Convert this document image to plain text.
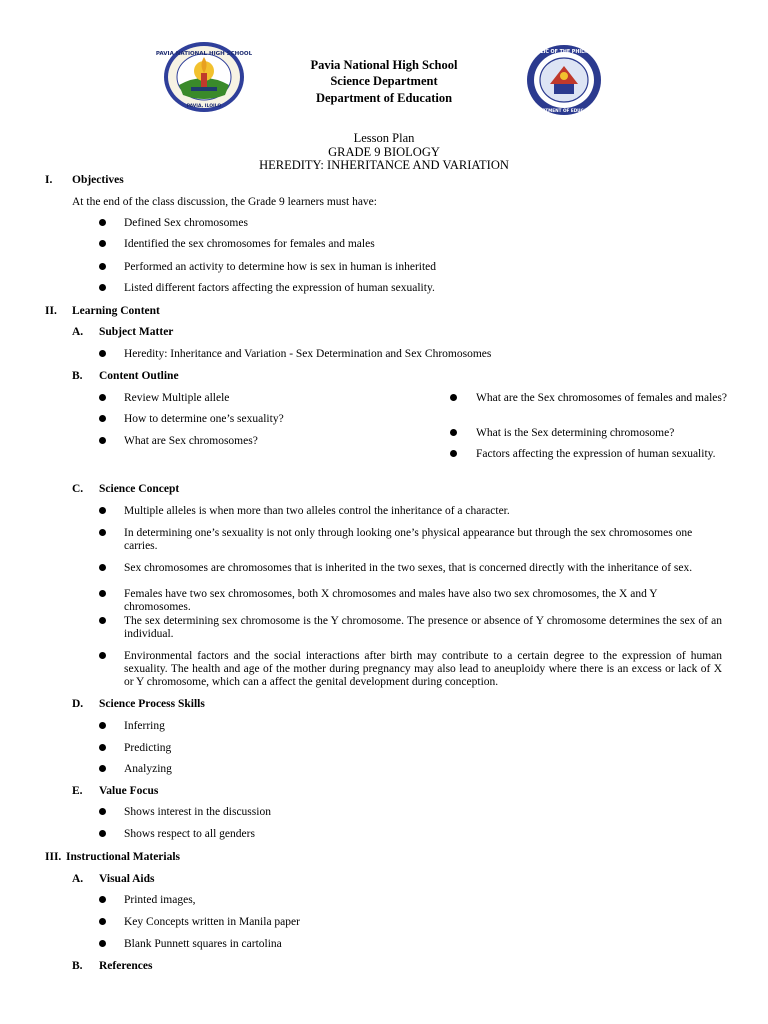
PAVIA NATIONAL HIGH SCHOOL
PAVIA, ILOILO
REPUBLIC OF THE PHILIPPINES
DEPARTMENT OF EDUCATION
Pavia National High School
Science Department
Department of Education
Lesson Plan
GRADE 9 BIOLOGY
HEREDITY: INHERITANCE AND VARIATION
I. Objectives
At the end of the class discussion, the Grade 9 learners must have:
Defined Sex chromosomes
Identified the sex chromosomes for females and males
Performed an activity to determine how is sex in human is inherited
Listed different factors affecting the expression of human sexuality.
II. Learning Content
A. Subject Matter
Heredity: Inheritance and Variation - Sex Determination and Sex Chromosomes
B. Content Outline
Review Multiple allele
How to determine one’s sexuality?
What are Sex chromosomes?
What are the Sex chromosomes of females and males?
What is the Sex determining chromosome?
Factors affecting the expression of human sexuality.
C. Science Concept
Multiple alleles is when more than two alleles control the inheritance of a character.
In determining one’s sexuality is not only through looking one’s physical appearance but through the sex chromosomes one carries.
Sex chromosomes are chromosomes that is inherited in the two sexes, that is concerned directly with the inheritance of sex.
Females have two sex chromosomes, both X chromosomes and males have also two sex chromosomes, the X and Y chromosomes.
The sex determining sex chromosome is the Y chromosome. The presence or absence of Y chromosome determines the sex of an individual.
Environmental factors and the social interactions after birth may contribute to a certain degree to the expression of human sexuality. The health and age of the mother during pregnancy may also lead to aneuploidy where there is an excess or lack of X or Y chromosome, which can a affect the genital development during conception.
D. Science Process Skills
Inferring
Predicting
Analyzing
E. Value Focus
Shows interest in the discussion
Shows respect to all genders
III. Instructional Materials
A. Visual Aids
Printed images,
Key Concepts written in Manila paper
Blank Punnett squares in cartolina
B. References
